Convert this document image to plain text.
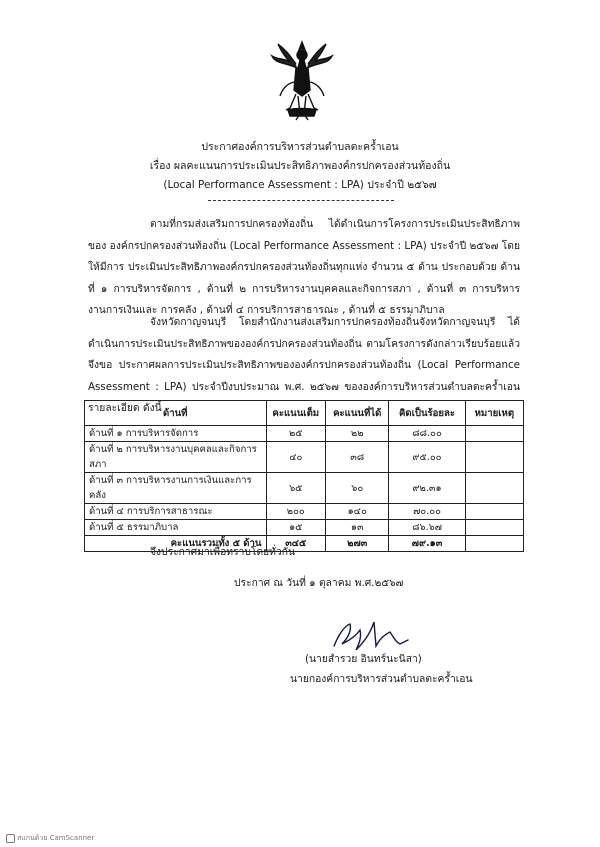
ประกาศองค์การบริหารส่วนตำบลตะคร้ำเอน
เรื่อง ผลคะแนนการประเมินประสิทธิภาพองค์กรปกครองส่วนท้องถิ่น
(Local Performance Assessment : LPA) ประจำปี ๒๕๖๗

ตามที่กรมส่งเสริมการปกครองท้องถิ่น ได้ดำเนินการโครงการประเมินประสิทธิภาพของ องค์กรปกครองส่วนท้องถิ่น (Local Performance Assessment : LPA) ประจำปี ๒๕๖๗ โดยให้มีการ ประเมินประสิทธิภาพองค์กรปกครองส่วนท้องถิ่นทุกแห่ง จำนวน ๕ ด้าน ประกอบด้วย ด้านที่ ๑ การบริหารจัดการ , ด้านที่ ๒ การบริหารงานบุคคลและกิจการสภา , ด้านที่ ๓ การบริหารงานการเงินและ การคลัง , ด้านที่ ๔ การบริการสาธารณะ , ด้านที่ ๕ ธรรมาภิบาล

จังหวัดกาญจนบุรี โดยสำนักงานส่งเสริมการปกครองท้องถิ่นจังหวัดกาญจนบุรี ได้ ดำเนินการประเมินประสิทธิภาพขององค์กรปกครองส่วนท้องถิ่น ตามโครงการดังกล่าวเรียบร้อยแล้ว จึงขอ ประกาศผลการประเมินประสิทธิภาพขององค์กรปกครองส่วนท้องถิ่น (Local Performance Assessment : LPA) ประจำปีงบประมาณ พ.ศ. ๒๕๖๗ ขององค์การบริหารส่วนตำบลตะคร้ำเอน รายละเอียด ดังนี้ ด้านที่	คะแนนเต็ม	คะแนนที่ได้	คิดเป็นร้อยละ	หมายเหตุ
ด้านที่ ๑ การบริหารจัดการ	๒๕	๒๒	๘๘.๐๐	
ด้านที่ ๒ การบริหารงานบุคคลและกิจการสภา	๔๐	๓๘	๙๕.๐๐	
ด้านที่ ๓ การบริหารงานการเงินและการคลัง	๖๕	๖๐	๙๒.๓๑	
ด้านที่ ๔ การบริการสาธารณะ	๒๐๐	๑๔๐	๗๐.๐๐	
ด้านที่ ๕ ธรรมาภิบาล	๑๕	๑๓	๘๖.๖๗	
คะแนนรวมทั้ง ๕ ด้าน	๓๔๕	๒๗๓	๗๙.๑๓	
จึงประกาศมาเพื่อทราบโดยทั่วกัน
ประกาศ ณ วันที่ ๑ ตุลาคม พ.ศ.๒๕๖๗
(นายสำรวย อินทร์นะนิสา)
นายกองค์การบริหารส่วนตำบลตะคร้ำเอน
สแกนด้วย CamScanner
